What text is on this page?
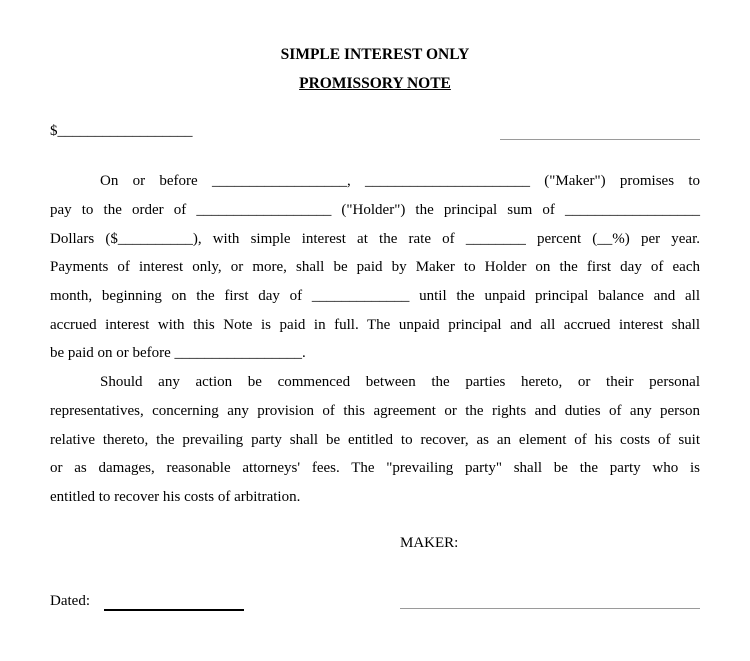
SIMPLE INTEREST ONLY
PROMISSORY NOTE
$__________________
On or before __________________, ______________________ ("Maker") promises to
pay to the order of __________________ ("Holder") the principal sum of __________________
Dollars ($__________), with simple interest at the rate of ________ percent (__%) per year.
Payments of interest only, or more, shall be paid by Maker to Holder on the first day of each
month, beginning on the first day of _____________ until the unpaid principal balance and all
accrued interest with this Note is paid in full. The unpaid principal and all accrued interest shall
be paid on or before _________________.
Should any action be commenced between the parties hereto, or their personal
representatives, concerning any provision of this agreement or the rights and duties of any person
relative thereto, the prevailing party shall be entitled to recover, as an element of his costs of suit
or as damages, reasonable attorneys' fees. The "prevailing party" shall be the party who is
entitled to recover his costs of arbitration.
MAKER:
Dated:
